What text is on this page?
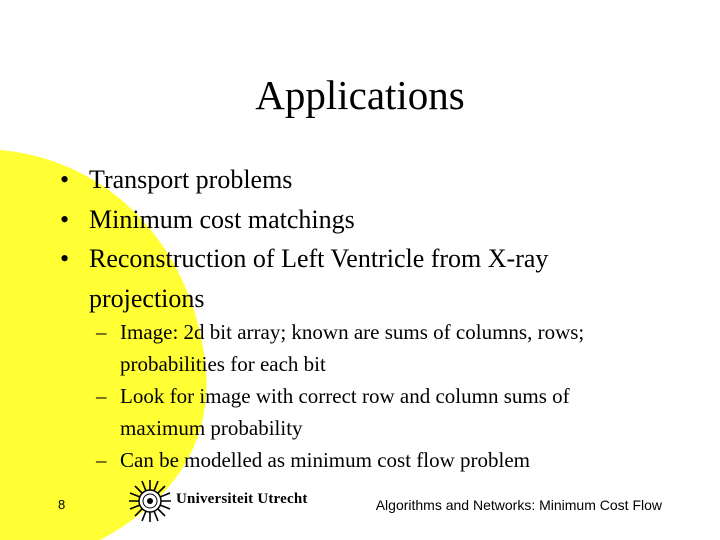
Applications
• Transport problems
• Minimum cost matchings
• Reconstruction of Left Ventricle from X-ray
projections
– Image: 2d bit array; known are sums of columns, rows;
probabilities for each bit
– Look for image with correct row and column sums of
maximum probability
– Can be modelled as minimum cost flow problem
8	Universiteit Utrecht	Algorithms and Networks: Minimum Cost Flow
